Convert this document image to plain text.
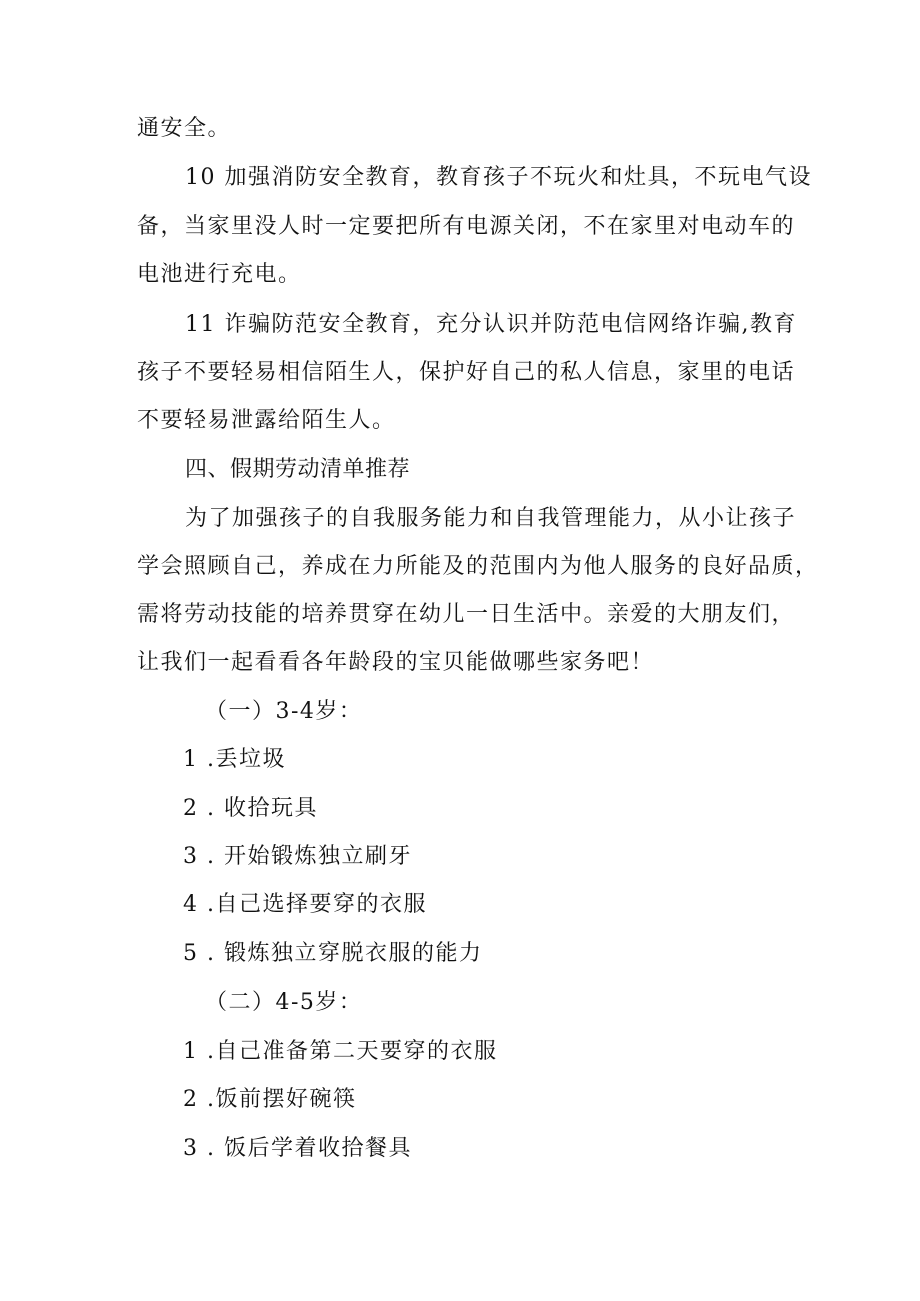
通安全。
10 加强消防安全教育，教育孩子不玩火和灶具，不玩电气设
备，当家里没人时一定要把所有电源关闭，不在家里对电动车的
电池进行充电。
11 诈骗防范安全教育，充分认识并防范电信网络诈骗,教育
孩子不要轻易相信陌生人，保护好自己的私人信息，家里的电话
不要轻易泄露给陌生人。
四、假期劳动清单推荐
为了加强孩子的自我服务能力和自我管理能力，从小让孩子
学会照顾自己，养成在力所能及的范围内为他人服务的良好品质，
需将劳动技能的培养贯穿在幼儿一日生活中。亲爱的大朋友们，
让我们一起看看各年龄段的宝贝能做哪些家务吧！
（一）3-4岁：
1 .丢垃圾
2 . 收拾玩具
3 . 开始锻炼独立刷牙
4 .自己选择要穿的衣服
5 . 锻炼独立穿脱衣服的能力
（二）4-5岁：
1 .自己准备第二天要穿的衣服
2 .饭前摆好碗筷
3 . 饭后学着收拾餐具
